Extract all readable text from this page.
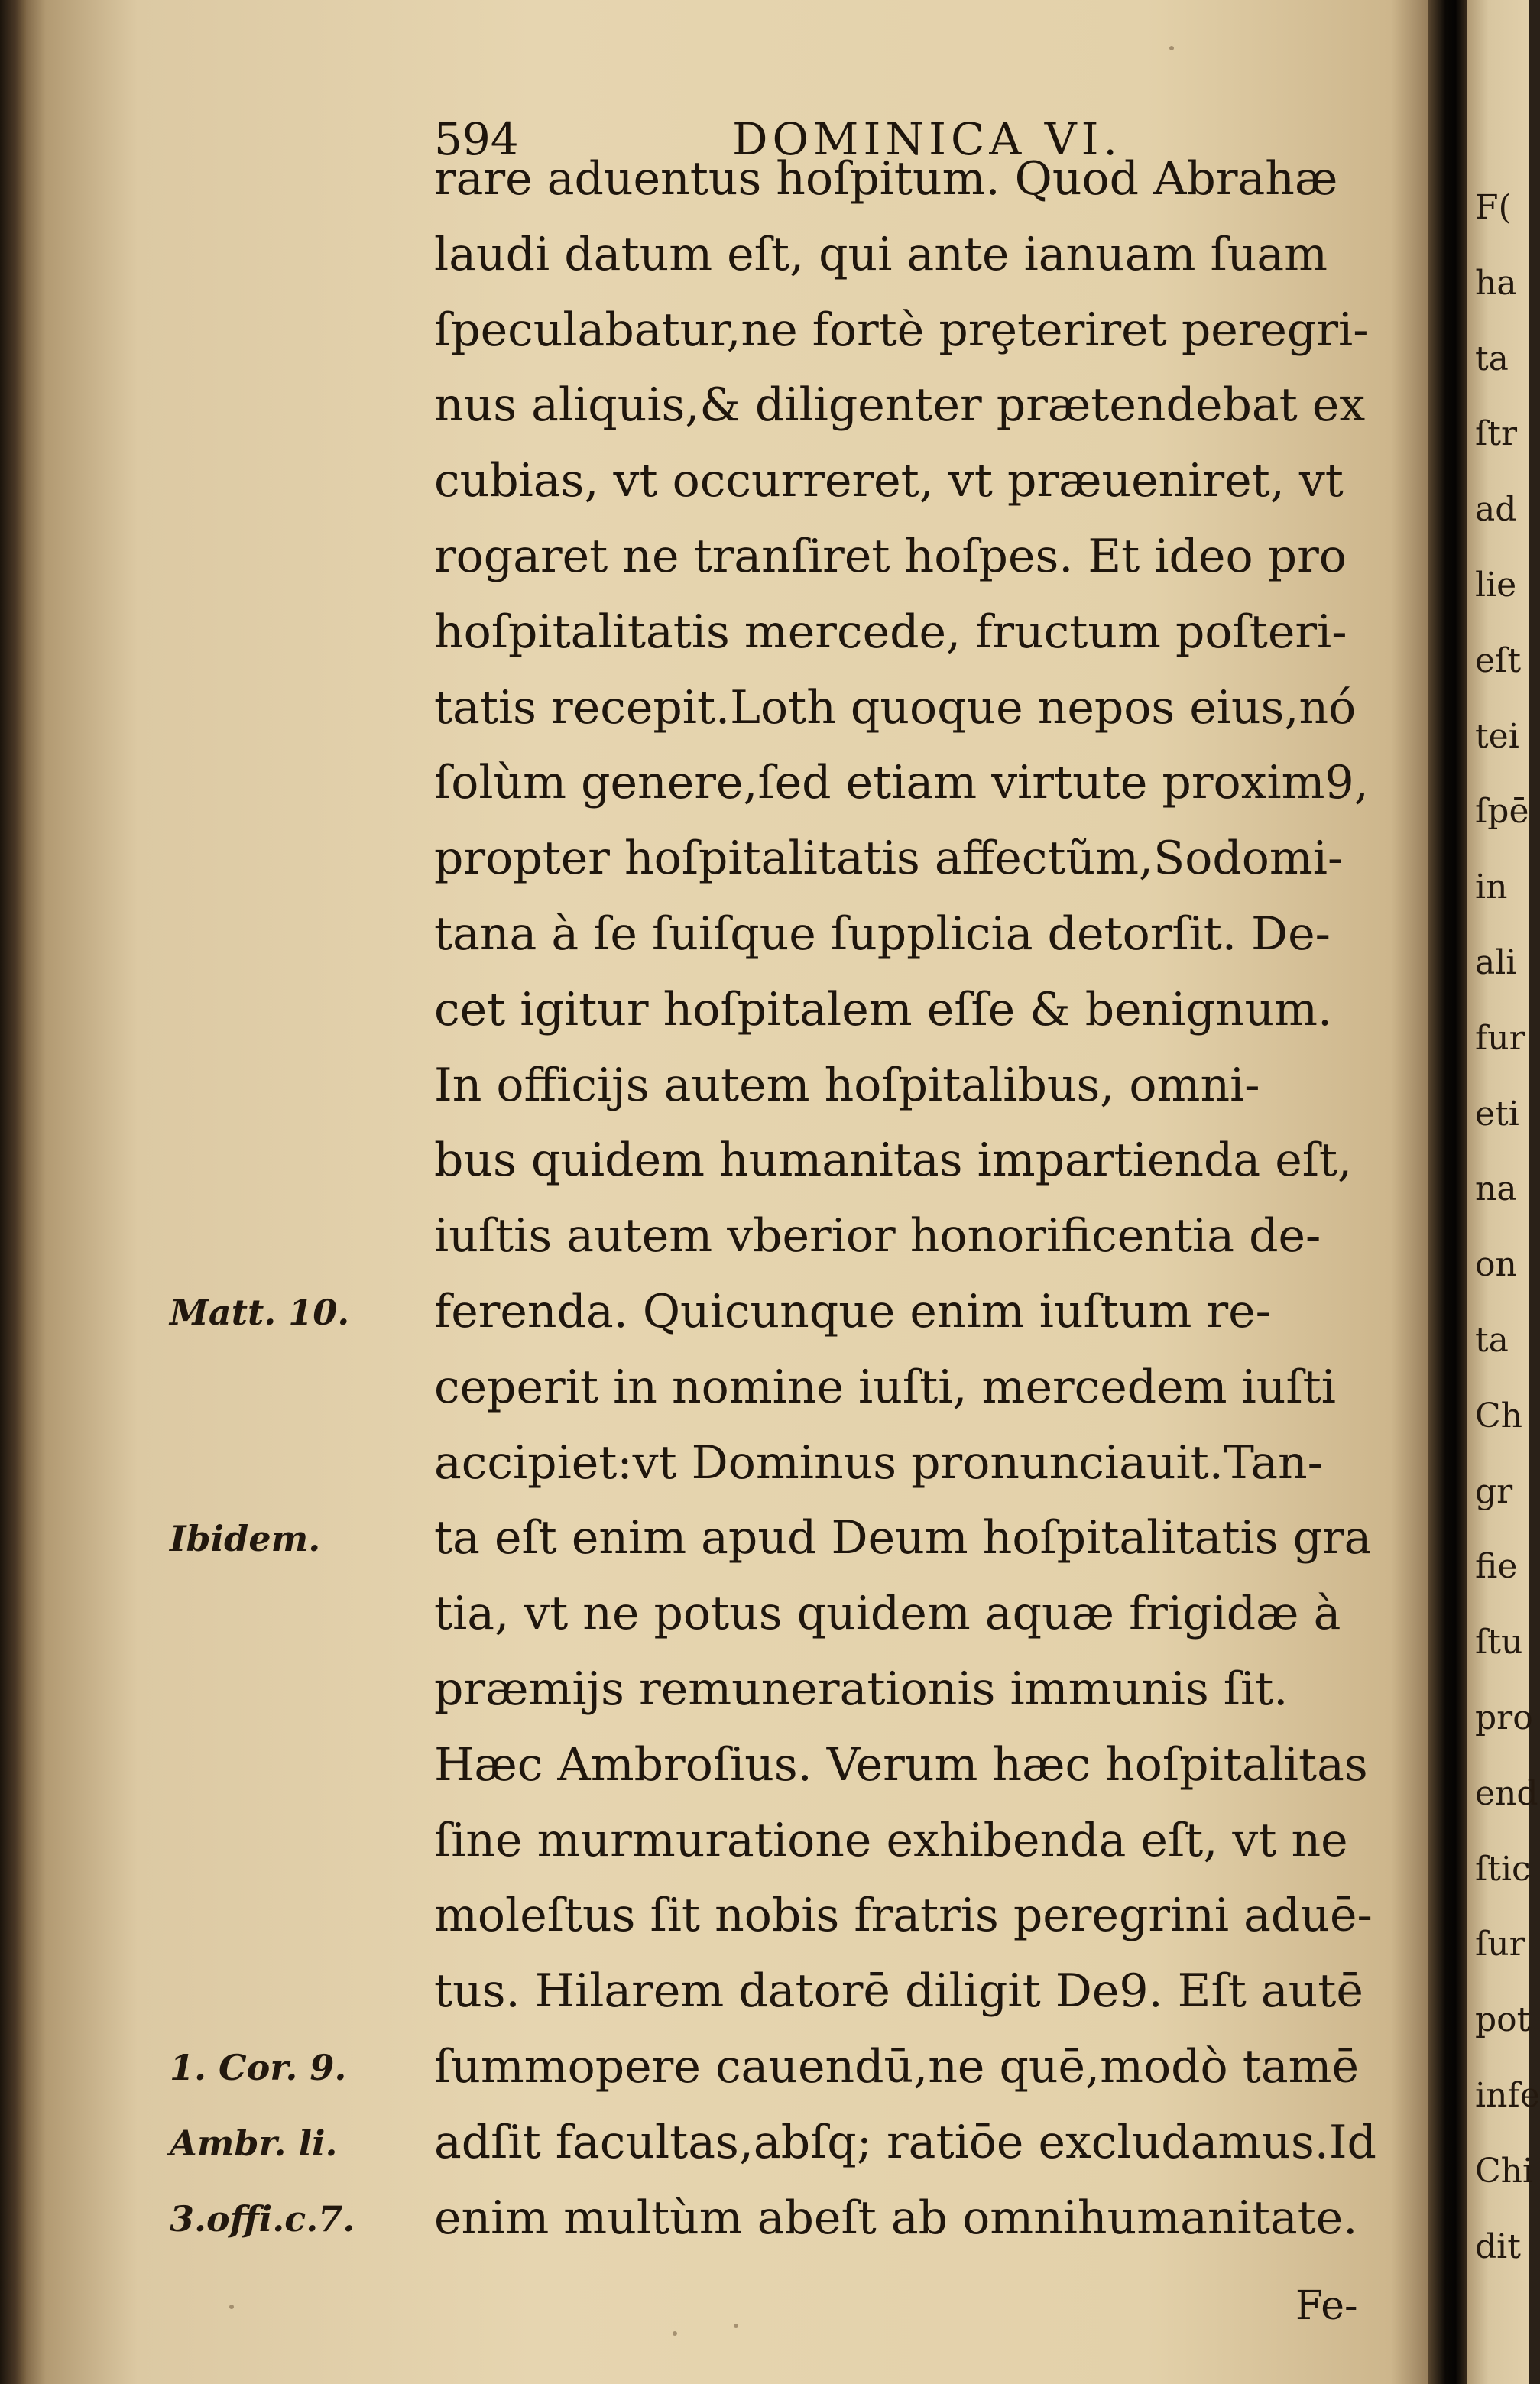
594	DOMINICA VI.
rare aduentus hoſpitum. Quod Abrahæ
laudi datum eſt, qui ante ianuam ſuam
ſpeculabatur,ne fortè prȩteriret peregri-
nus aliquis,& diligenter prætendebat ex
cubias, vt occurreret, vt præueniret, vt
rogaret ne tranſiret hoſpes. Et ideo pro
hoſpitalitatis mercede, fructum poſteri-
tatis recepit.Loth quoque nepos eius,nó
ſolùm genere,ſed etiam virtute proxim9,
propter hoſpitalitatis affectũm,Sodomi-
tana à ſe ſuiſque ſupplicia detorſit. De-
cet igitur hoſpitalem eſſe & benignum.
In officijs autem hoſpitalibus, omni-
bus quidem humanitas impartienda eſt,
iuſtis autem vberior honorificentia de-
ferenda. Quicunque enim iuſtum re-
ceperit in nomine iuſti, mercedem iuſti
accipiet:vt Dominus pronunciauit.Tan-
ta eſt enim apud Deum hoſpitalitatis gra
tia, vt ne potus quidem aquæ frigidæ à
præmijs remunerationis immunis ſit.
Hæc Ambroſius. Verum hæc hoſpitalitas
ſine murmuratione exhibenda eſt, vt ne
moleſtus ſit nobis fratris peregrini aduē-
tus. Hilarem datorē diligit De9. Eſt autē
ſummopere cauendū,ne quē,modò tamē
adſit facultas,abſq; ratiōe excludamus.Id
enim multùm abeſt ab omnihumanitate.
Matt. 10.
Ibidem.
1. Cor. 9.
Ambr. li.
3.offi.c.7.
Fe-
F(
ha
ta
ſtr
ad
lie
eſt
tei
ſpē
in
ali
fur
eti
na
on
ta
Ch
gr
fie
ſtu
pro
end
ſtic
ſur
pot
infe
Chi
dit
